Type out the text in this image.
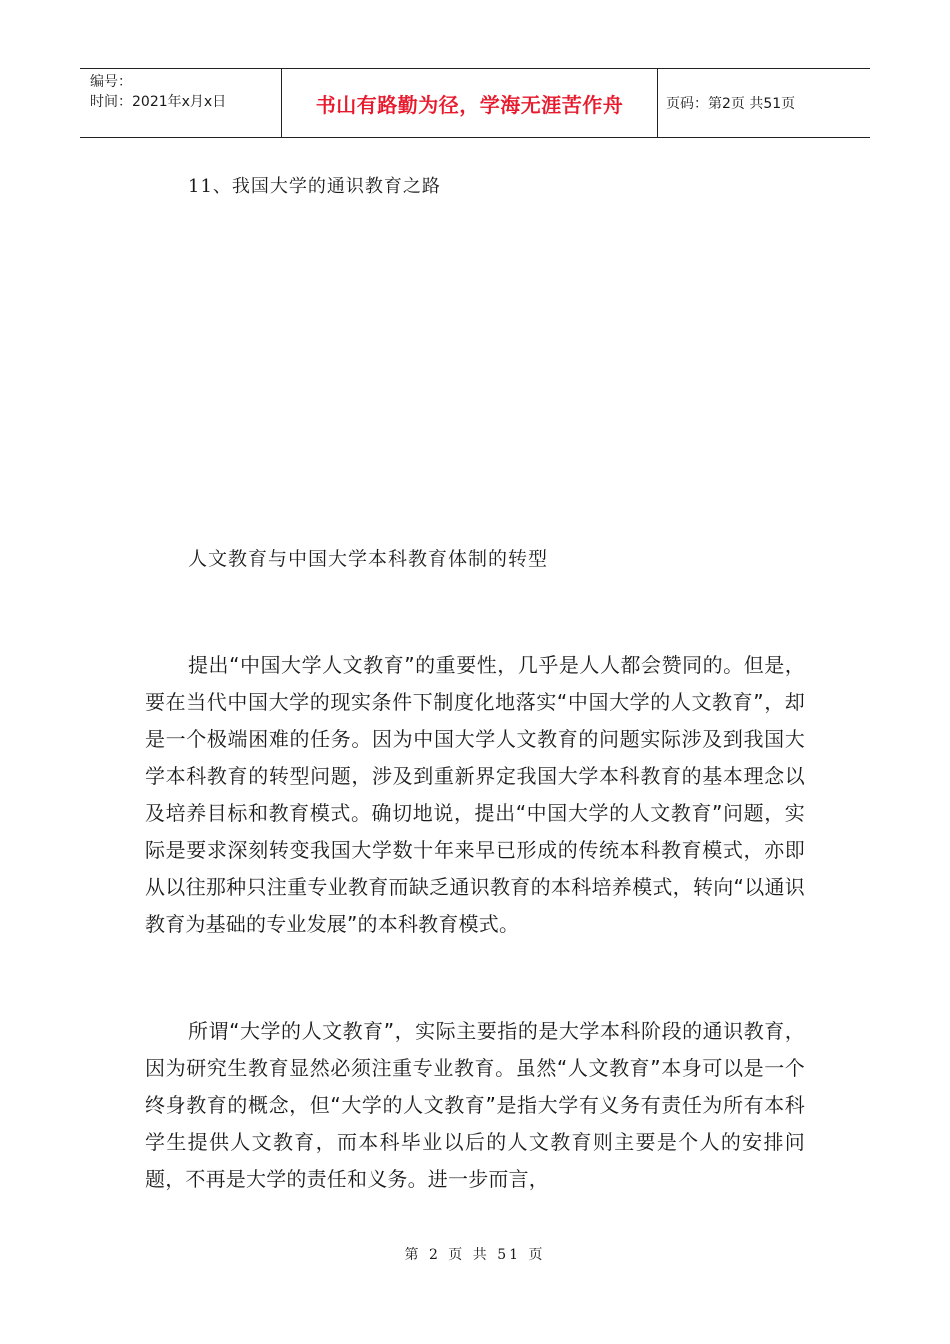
编号：
时间：2021年x月x日	书山有路勤为径，学海无涯苦作舟	页码：第2页 共51页
11、我国大学的通识教育之路
人文教育与中国大学本科教育体制的转型

提出“中国大学人文教育”的重要性，几乎是人人都会赞同的。但是，要在当代中国大学的现实条件下制度化地落实“中国大学的人文教育”，却是一个极端困难的任务。因为中国大学人文教育的问题实际涉及到我国大学本科教育的转型问题，涉及到重新界定我国大学本科教育的基本理念以及培养目标和教育模式。确切地说，提出“中国大学的人文教育”问题，实际是要求深刻转变我国大学数十年来早已形成的传统本科教育模式，亦即从以往那种只注重专业教育而缺乏通识教育的本科培养模式，转向“以通识教育为基础的专业发展”的本科教育模式。

所谓“大学的人文教育”，实际主要指的是大学本科阶段的通识教育，因为研究生教育显然必须注重专业教育。虽然“人文教育”本身可以是一个终身教育的概念，但“大学的人文教育”是指大学有义务有责任为所有本科学生提供人文教育，而本科毕业以后的人文教育则主要是个人的安排问题，不再是大学的责任和义务。进一步而言，

第 2 页 共 51 页
